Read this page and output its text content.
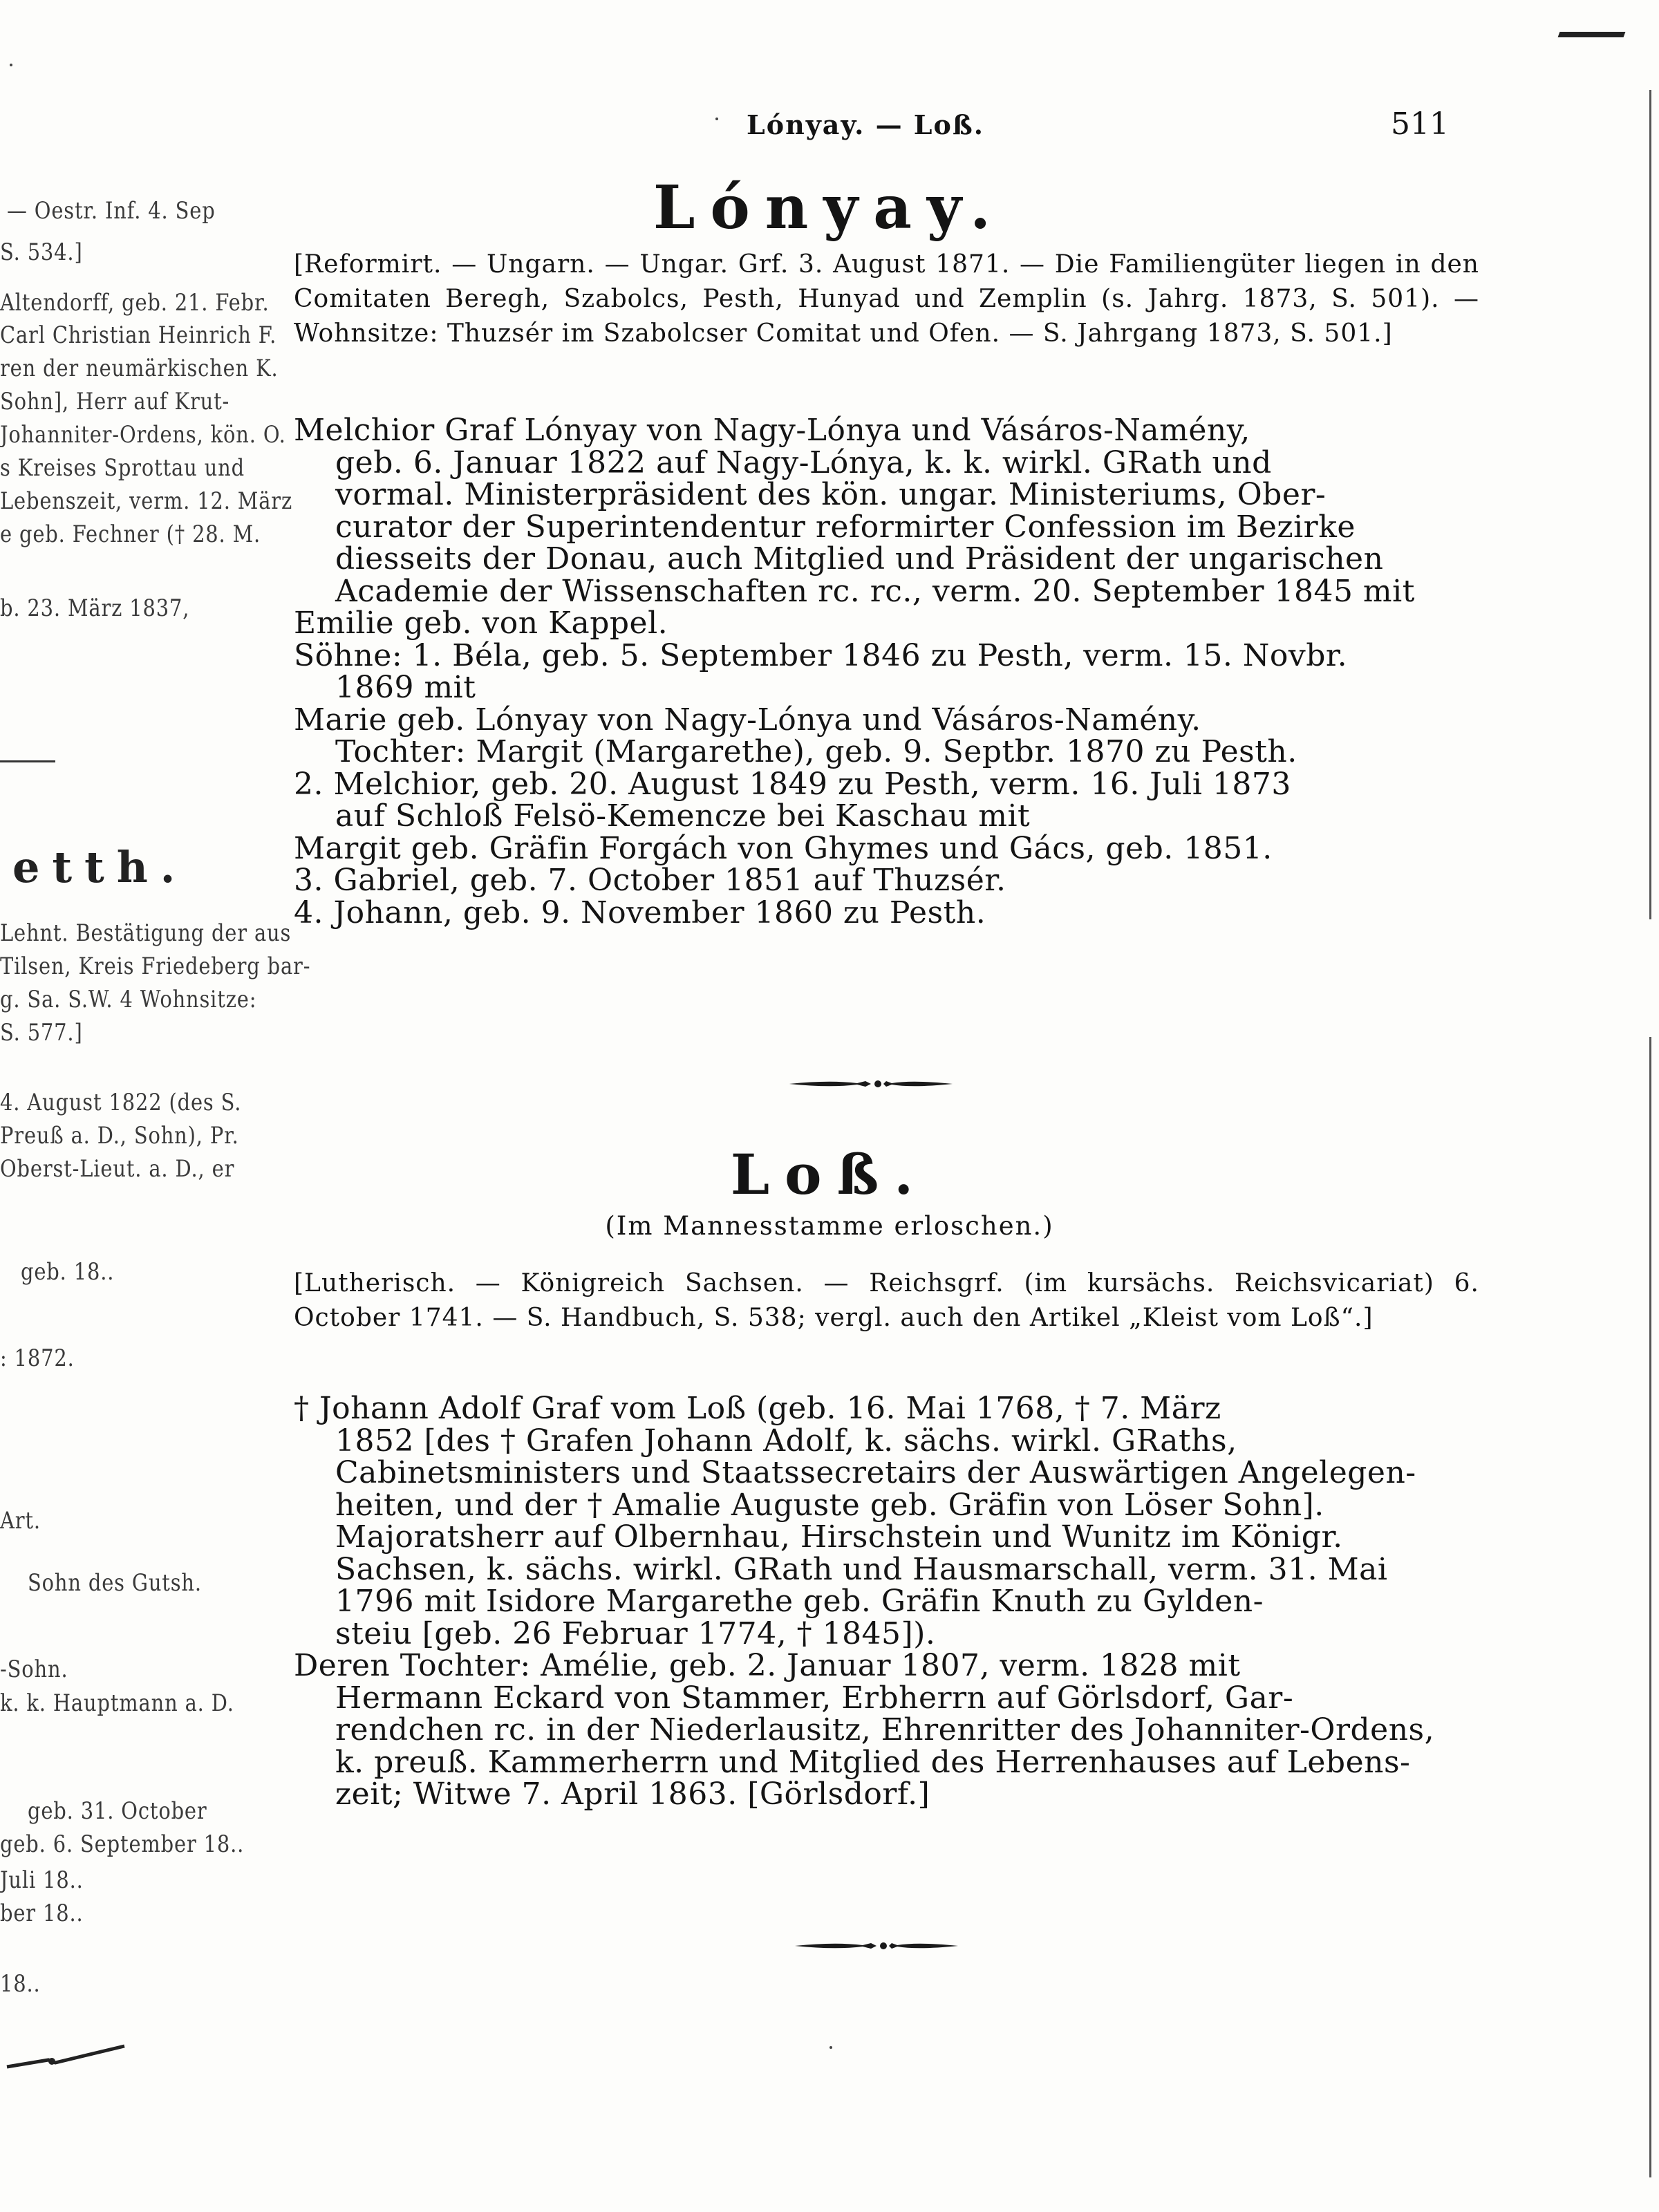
— Oestr. Inf. 4. Sep
S. 534.]
Altendorff, geb. 21. Febr.
Carl Christian Heinrich F.
ren der neumärkischen K.
Sohn], Herr auf Krut-
Johanniter-Ordens, kön. O.
s Kreises Sprottau und
Lebenszeit, verm. 12. März
e geb. Fechner († 28. M.
b. 23. März 1837,
etth.
Lehnt. Bestätigung der aus
Tilsen, Kreis Friedeberg bar-
g. Sa. S.W. 4 Wohnsitze:
S. 577.]
4. August 1822 (des S.
Preuß a. D., Sohn), Pr.
Oberst-Lieut. a. D., er
geb. 18..
: 1872.
Art.
Sohn des Gutsh.
-Sohn.
k. k. Hauptmann a. D.
geb. 31. October
geb. 6. September 18..
Juli 18..
ber 18..
18..
Lónyay. — Loß.	511
Lónyay.
[Reformirt. — Ungarn. — Ungar. Grf. 3. August 1871. — Die Familiengüter liegen in den Comitaten Beregh, Szabolcs, Pesth, Hunyad und Zemplin (s. Jahrg. 1873, S. 501). — Wohnsitze: Thuzsér im Szabolcser Comitat und Ofen. — S. Jahrgang 1873, S. 501.]
Melchior Graf Lónyay von Nagy-Lónya und Vásáros-Namény,
geb. 6. Januar 1822 auf Nagy-Lónya, k. k. wirkl. GRath und
vormal. Ministerpräsident des kön. ungar. Ministeriums, Ober-
curator der Superintendentur reformirter Confession im Bezirke
diesseits der Donau, auch Mitglied und Präsident der ungarischen
Academie der Wissenschaften rc. rc., verm. 20. September 1845 mit
Emilie geb. von Kappel.
Söhne: 1. Béla, geb. 5. September 1846 zu Pesth, verm. 15. Novbr.
1869 mit
Marie geb. Lónyay von Nagy-Lónya und Vásáros-Namény.
Tochter: Margit (Margarethe), geb. 9. Septbr. 1870 zu Pesth.
2. Melchior, geb. 20. August 1849 zu Pesth, verm. 16. Juli 1873
auf Schloß Felsö-Kemencze bei Kaschau mit
Margit geb. Gräfin Forgách von Ghymes und Gács, geb. 1851.
3. Gabriel, geb. 7. October 1851 auf Thuzsér.
4. Johann, geb. 9. November 1860 zu Pesth.
Loß.
(Im Mannesstamme erloschen.)
[Lutherisch. — Königreich Sachsen. — Reichsgrf. (im kursächs. Reichsvicariat) 6. October 1741. — S. Handbuch, S. 538; vergl. auch den Artikel „Kleist vom Loß“.]
† Johann Adolf Graf vom Loß (geb. 16. Mai 1768, † 7. März
1852 [des † Grafen Johann Adolf, k. sächs. wirkl. GRaths,
Cabinetsministers und Staatssecretairs der Auswärtigen Angelegen-
heiten, und der † Amalie Auguste geb. Gräfin von Löser Sohn].
Majoratsherr auf Olbernhau, Hirschstein und Wunitz im Königr.
Sachsen, k. sächs. wirkl. GRath und Hausmarschall, verm. 31. Mai
1796 mit Isidore Margarethe geb. Gräfin Knuth zu Gylden-
steiu [geb. 26 Februar 1774, † 1845]).
Deren Tochter: Amélie, geb. 2. Januar 1807, verm. 1828 mit
Hermann Eckard von Stammer, Erbherrn auf Görlsdorf, Gar-
rendchen rc. in der Niederlausitz, Ehrenritter des Johanniter-Ordens,
k. preuß. Kammerherrn und Mitglied des Herrenhauses auf Lebens-
zeit; Witwe 7. April 1863. [Görlsdorf.]
